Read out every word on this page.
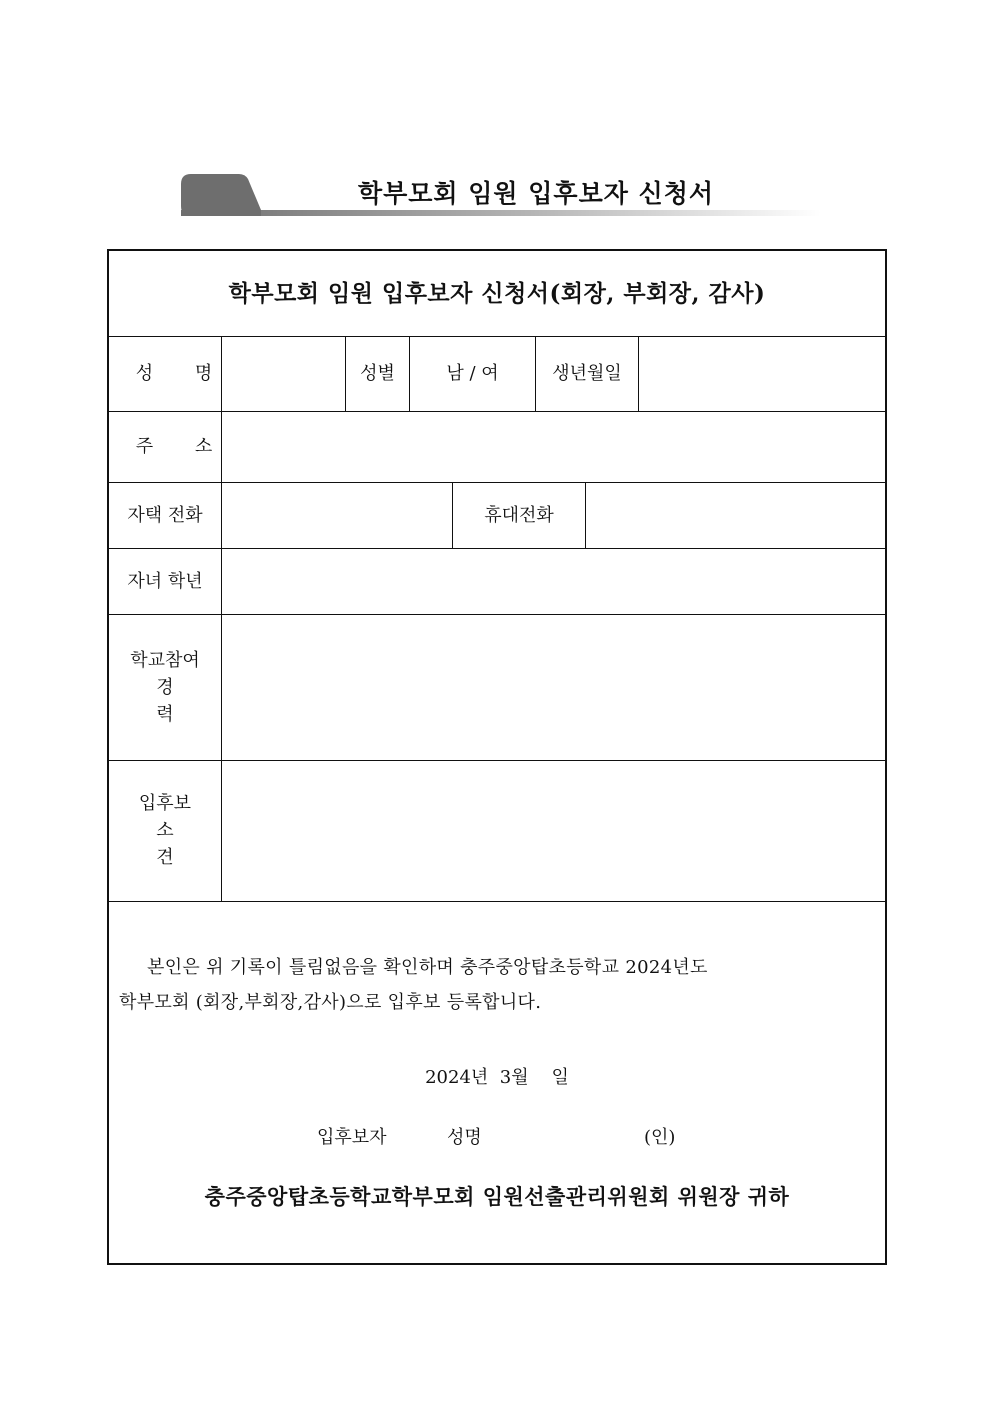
학부모회 임원 입후보자 신청서
학부모회 임원 입후보자 신청서(회장, 부회장, 감사)
성 명	성별	남 / 여	생년월일
주 소
자택 전화	휴대전화
자녀 학년
학교참여
경 력
입후보
소 견
본인은 위 기록이 틀림없음을 확인하며 충주중앙탑초등학교 2024년도
학부모회 (회장,부회장,감사)으로 입후보 등록합니다.
2024년  3월    일
입후보자	성명	(인)
충주중앙탑초등학교학부모회 임원선출관리위원회 위원장 귀하
